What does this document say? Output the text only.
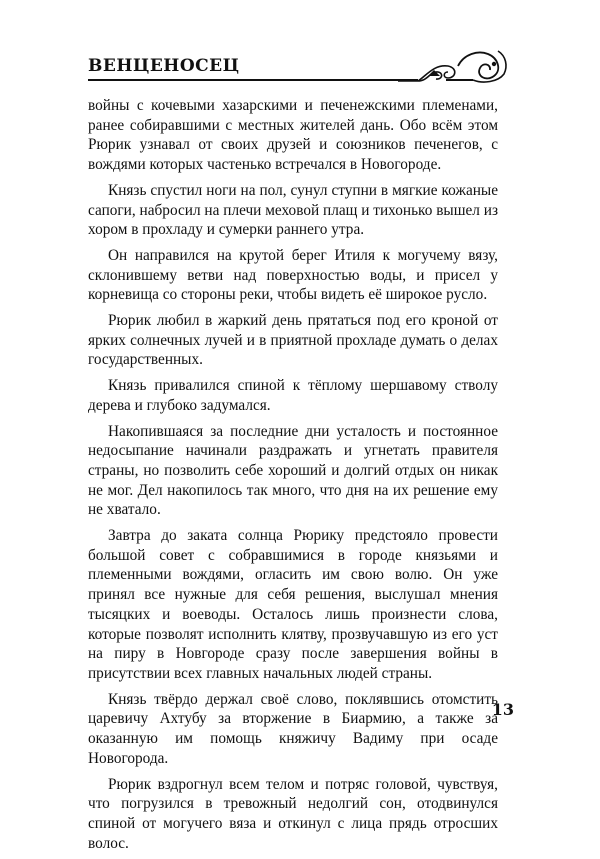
ВЕНЦЕНОСЕЦ

войны с кочевыми хазарскими и печенежскими племенами, ранее собиравшими с местных жителей дань. Обо всём этом Рюрик узнавал от своих друзей и союзников печенегов, с вождями которых частенько встречался в Новогороде.

Князь спустил ноги на пол, сунул ступни в мягкие кожаные сапоги, набросил на плечи меховой плащ и тихонько вышел из хором в прохладу и сумерки раннего утра.

Он направился на крутой берег Итиля к могучему вязу, склонившему ветви над поверхностью воды, и присел у корневища со стороны реки, чтобы видеть её широкое русло.

Рюрик любил в жаркий день прятаться под его кроной от ярких солнечных лучей и в приятной прохладе думать о делах государственных.

Князь привалился спиной к тёплому шершавому стволу дерева и глубоко задумался.

Накопившаяся за последние дни усталость и постоянное недосыпание начинали раздражать и угнетать правителя страны, но позволить себе хороший и долгий отдых он никак не мог. Дел накопилось так много, что дня на их решение ему не хватало.

Завтра до заката солнца Рюрику предстояло провести большой совет с собравшимися в городе князьями и племенными вождями, огласить им свою волю. Он уже принял все нужные для себя решения, выслушал мнения тысяцких и воеводы. Осталось лишь произнести слова, которые позволят исполнить клятву, прозвучавшую из его уст на пиру в Новгороде сразу после завершения войны в присутствии всех главных начальных людей страны.

Князь твёрдо держал своё слово, поклявшись отомстить царевичу Ахтубу за вторжение в Биармию, а также за оказанную им помощь княжичу Вадиму при осаде Новогорода.

Рюрик вздрогнул всем телом и потряс головой, чувствуя, что погрузился в тревожный недолгий сон, отодвинулся спиной от могучего вяза и откинул с лица прядь отросших волос.

13
